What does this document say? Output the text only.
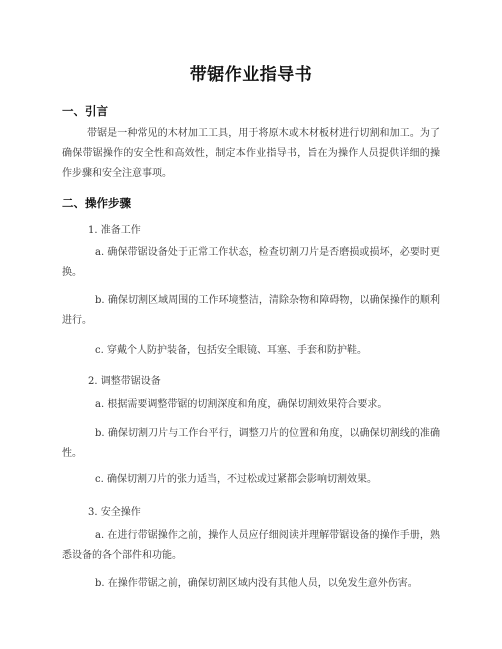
带锯作业指导书
一、引言
带锯是一种常见的木材加工工具，用于将原木或木材板材进行切割和加工。为了确保带锯操作的安全性和高效性，制定本作业指导书，旨在为操作人员提供详细的操作步骤和安全注意事项。
二、操作步骤
1. 准备工作
a. 确保带锯设备处于正常工作状态，检查切割刀片是否磨损或损坏，必要时更换。
b. 确保切割区域周围的工作环境整洁，清除杂物和障碍物，以确保操作的顺利进行。
c. 穿戴个人防护装备，包括安全眼镜、耳塞、手套和防护鞋。
2. 调整带锯设备
a. 根据需要调整带锯的切割深度和角度，确保切割效果符合要求。
b. 确保切割刀片与工作台平行，调整刀片的位置和角度，以确保切割线的准确性。
c. 确保切割刀片的张力适当，不过松或过紧都会影响切割效果。
3. 安全操作
a. 在进行带锯操作之前，操作人员应仔细阅读并理解带锯设备的操作手册，熟悉设备的各个部件和功能。
b. 在操作带锯之前，确保切割区域内没有其他人员，以免发生意外伤害。
